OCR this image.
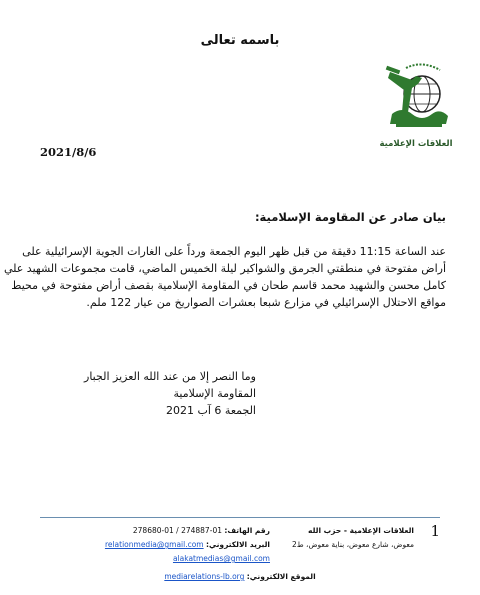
باسمه تعالى
العلاقات الإعلامية
2021/8/6
بيان صادر عن المقاومة الإسلامية:
عند الساعة 11:15 دقيقة من قبل ظهر اليوم الجمعة ورداً على الغارات الجوية الإسرائيلية على
أراض مفتوحة في منطقتي الجرمق والشواكير ليلة الخميس الماضي، قامت مجموعات الشهيد علي
كامل محسن والشهيد محمد قاسم طحان في المقاومة الإسلامية بقصف أراض مفتوحة في محيط
مواقع الاحتلال الإسرائيلي في مزارع شبعا بعشرات الصواريخ من عيار 122 ملم.
وما النصر إلا من عند الله العزيز الجبار
المقاومة الإسلامية
الجمعة 6 آب 2021
1
العلاقات الإعلامية - حزب الله
معوض، شارع معوض، بناية معوض، ط2
رقم الهاتف: 01-274887 / 01-278680
البريد الالكتروني: relationmedia@gmail.com
alakatmedias@gmail.com
الموقع الالكتروني: mediarelations-lb.org
